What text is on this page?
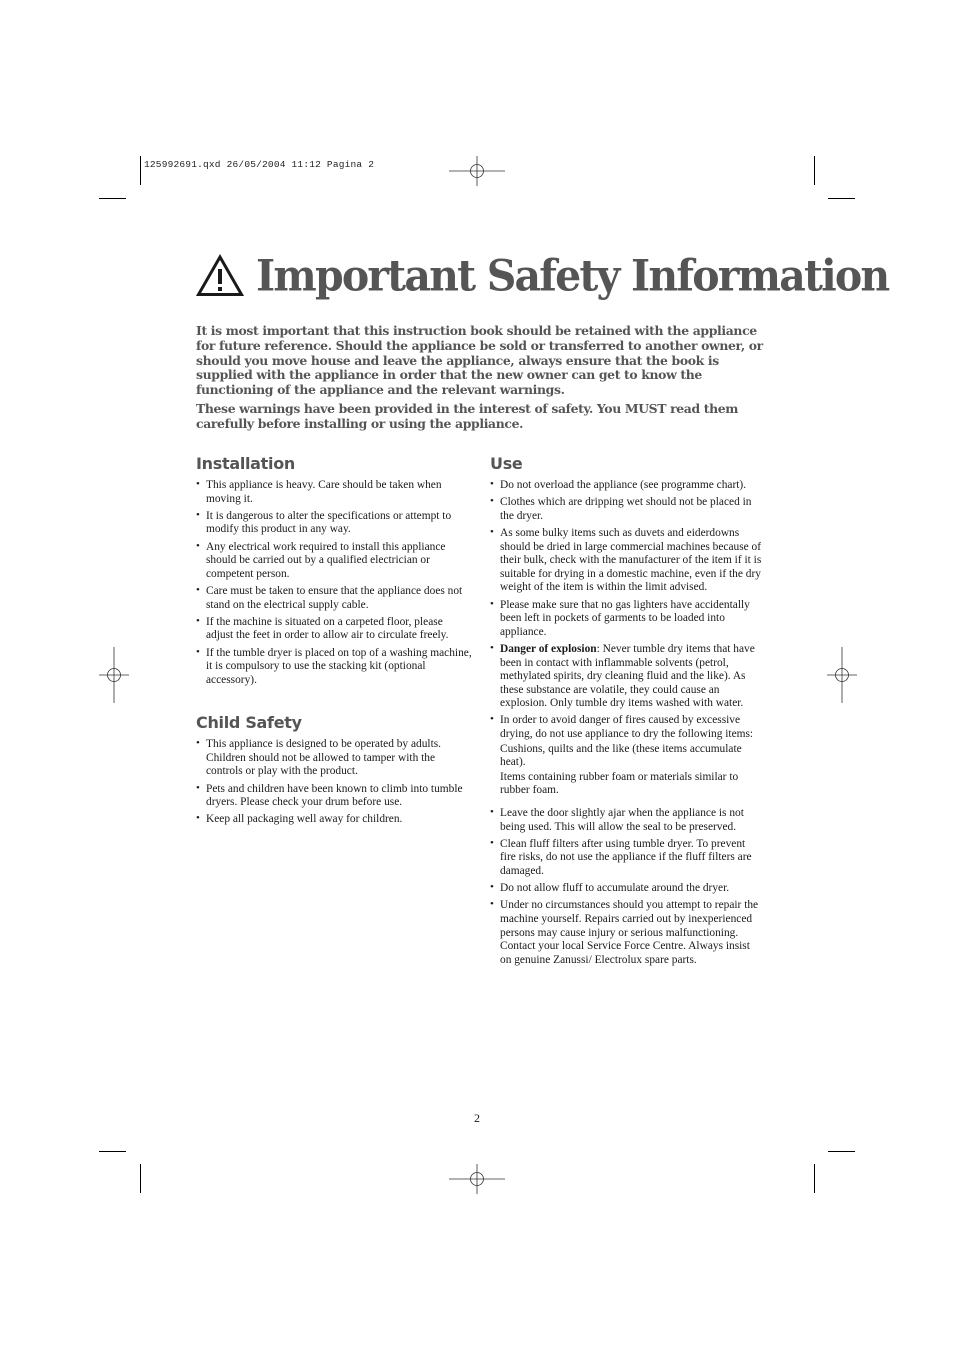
125992691.qxd 26/05/2004 11:12 Pagina 2
Important Safety Information

It is most important that this instruction book should be retained with the appliance for future reference. Should the appliance be sold or transferred to another owner, or should you move house and leave the appliance, always ensure that the book is supplied with the appliance in order that the new owner can get to know the functioning of the appliance and the relevant warnings.

These warnings have been provided in the interest of safety. You MUST read them carefully before installing or using the appliance.

Installation
• This appliance is heavy. Care should be taken when moving it.
• It is dangerous to alter the specifications or attempt to modify this product in any way.
• Any electrical work required to install this appliance should be carried out by a qualified electrician or competent person.
• Care must be taken to ensure that the appliance does not stand on the electrical supply cable.
• If the machine is situated on a carpeted floor, please adjust the feet in order to allow air to circulate freely.
• If the tumble dryer is placed on top of a washing machine, it is compulsory to use the stacking kit (optional accessory).
Child Safety
• This appliance is designed to be operated by adults. Children should not be allowed to tamper with the controls or play with the product.
• Pets and children have been known to climb into tumble dryers. Please check your drum before use.
• Keep all packaging well away for children.
Use
• Do not overload the appliance (see programme chart).
• Clothes which are dripping wet should not be placed in the dryer.
• As some bulky items such as duvets and eiderdowns should be dried in large commercial machines because of their bulk, check with the manufacturer of the item if it is suitable for drying in a domestic machine, even if the dry weight of the item is within the limit advised.
• Please make sure that no gas lighters have accidentally been left in pockets of garments to be loaded into appliance.
• Danger of explosion: Never tumble dry items that have been in contact with inflammable solvents (petrol, methylated spirits, dry cleaning fluid and the like). As these substance are volatile, they could cause an explosion. Only tumble dry items washed with water.
• In order to avoid danger of fires caused by excessive drying, do not use appliance to dry the following items:
Cushions, quilts and the like (these items accumulate heat).
Items containing rubber foam or materials similar to rubber foam.
• Leave the door slightly ajar when the appliance is not being used. This will allow the seal to be preserved.
• Clean fluff filters after using tumble dryer. To prevent fire risks, do not use the appliance if the fluff filters are damaged.
• Do not allow fluff to accumulate around the dryer.
• Under no circumstances should you attempt to repair the machine yourself. Repairs carried out by inexperienced persons may cause injury or serious malfunctioning. Contact your local Service Force Centre. Always insist on genuine Zanussi/ Electrolux spare parts.
2
